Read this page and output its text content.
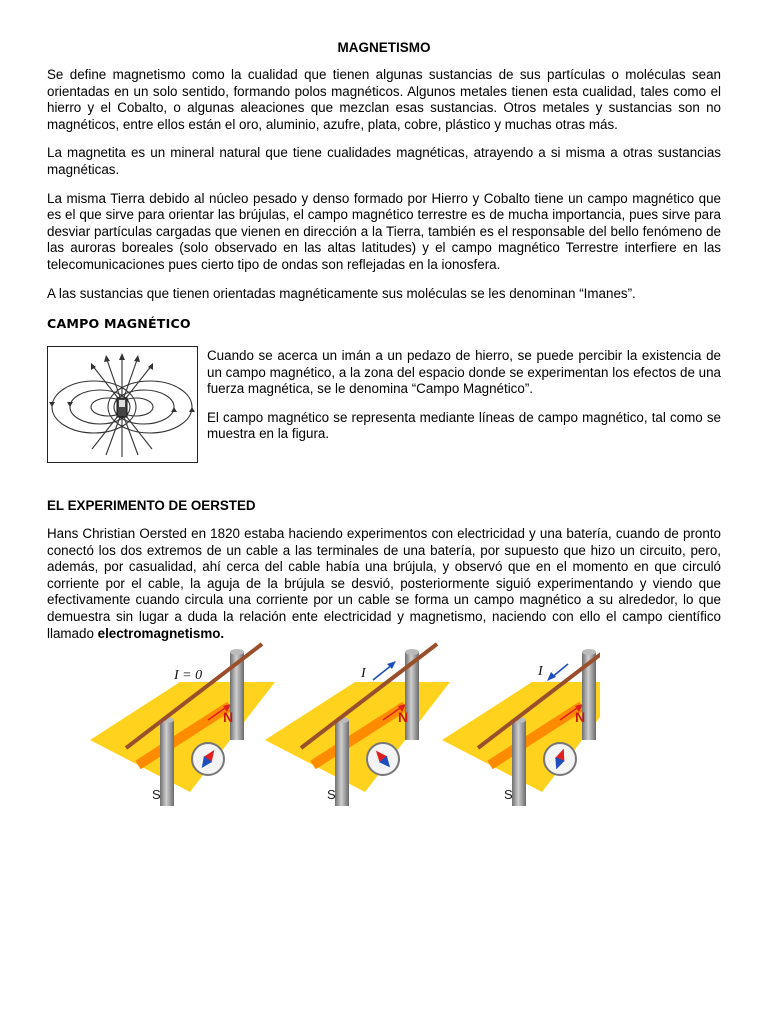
MAGNETISMO

Se define magnetismo como la cualidad que tienen algunas sustancias de sus partículas o moléculas sean orientadas en un solo sentido, formando polos magnéticos. Algunos metales tienen esta cualidad, tales como el hierro y el Cobalto, o algunas aleaciones que mezclan esas sustancias. Otros metales y sustancias son no magnéticos, entre ellos están el oro, aluminio, azufre, plata, cobre, plástico y muchas otras más.

La magnetita es un mineral natural que tiene cualidades magnéticas, atrayendo a si misma a otras sustancias magnéticas.

La misma Tierra debido al núcleo pesado y denso formado por Hierro y Cobalto tiene un campo magnético que es el que sirve para orientar las brújulas, el campo magnético terrestre es de mucha importancia, pues sirve para desviar partículas cargadas que vienen en dirección a la Tierra, también es el responsable del bello fenómeno de las auroras boreales (solo observado en las altas latitudes) y el campo magnético Terrestre interfiere en las telecomunicaciones pues cierto tipo de ondas son reflejadas en la ionosfera.

A las sustancias que tienen orientadas magnéticamente sus moléculas se les denominan “Imanes”.

CAMPO MAGNÉTICO

Cuando se acerca un imán a un pedazo de hierro, se puede percibir la existencia de un campo magnético, a la zona del espacio donde se experimentan los efectos de una fuerza magnética, se le denomina “Campo Magnético”.

El campo magnético se representa mediante líneas de campo magnético, tal como se muestra en la figura.

EL EXPERIMENTO DE OERSTED

Hans Christian Oersted en 1820 estaba haciendo experimentos con electricidad y una batería, cuando de pronto conectó los dos extremos de un cable a las terminales de una batería, por supuesto que hizo un circuito, pero, además, por casualidad, ahí cerca del cable había una brújula, y observó que en el momento en que circuló corriente por el cable, la aguja de la brújula se desvió, posteriormente siguió experimentando y viendo que efectivamente cuando circula una corriente por un cable se forma un campo magnético a su alrededor, lo que demuestra sin lugar a duda la relación ente electricidad y magnetismo, naciendo con ello el campo científico llamado electromagnetismo.

N
S
I = 0
N
S
I
N
S
I
